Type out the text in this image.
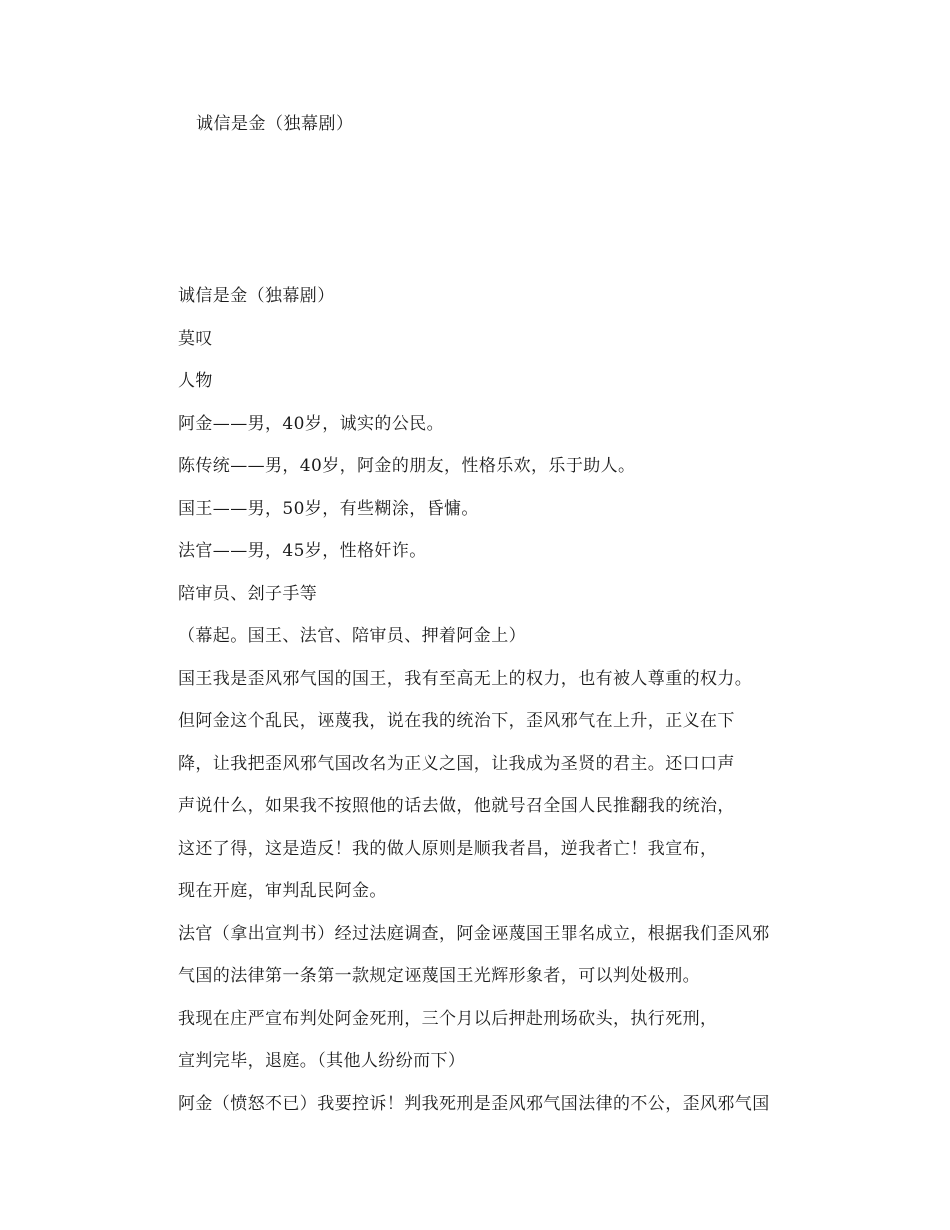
诚信是金（独幕剧）
诚信是金（独幕剧）
莫叹
人物
阿金——男，40岁，诚实的公民。
陈传统——男，40岁，阿金的朋友，性格乐欢，乐于助人。
国王——男，50岁，有些糊涂，昏慵。
法官——男，45岁，性格奸诈。
陪审员、刽子手等
（幕起。国王、法官、陪审员、押着阿金上）
国王我是歪风邪气国的国王，我有至高无上的权力，也有被人尊重的权力。
但阿金这个乱民，诬蔑我，说在我的统治下，歪风邪气在上升，正义在下
降，让我把歪风邪气国改名为正义之国，让我成为圣贤的君主。还口口声
声说什么，如果我不按照他的话去做，他就号召全国人民推翻我的统治，
这还了得，这是造反！我的做人原则是顺我者昌，逆我者亡！我宣布，
现在开庭，审判乱民阿金。
法官（拿出宣判书）经过法庭调查，阿金诬蔑国王罪名成立，根据我们歪风邪
气国的法律第一条第一款规定诬蔑国王光辉形象者，可以判处极刑。
我现在庄严宣布判处阿金死刑，三个月以后押赴刑场砍头，执行死刑，
宣判完毕，退庭。（其他人纷纷而下）
阿金（愤怒不已）我要控诉！判我死刑是歪风邪气国法律的不公，歪风邪气国
